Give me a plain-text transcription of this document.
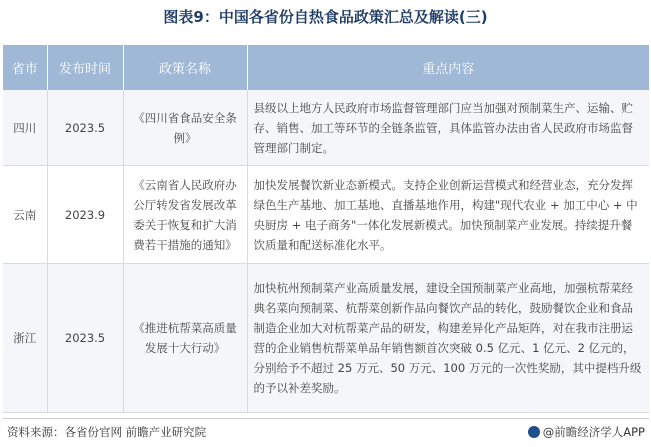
图表9：中国各省份自热食品政策汇总及解读(三)
省市	发布时间	政策名称	重点内容
四川	2023.5	《四川省食品安全条例》	县级以上地方人民政府市场监督管理部门应当加强对预制菜生产、运输、贮存、销售、加工等环节的全链条监管，具体监管办法由省人民政府市场监督管理部门制定。
云南	2023.9	《云南省人民政府办公厅转发省发展改革委关于恢复和扩大消费若干措施的通知》	加快发展餐饮新业态新模式。支持企业创新运营模式和经营业态，充分发挥绿色生产基地、加工基地、直播基地作用，构建"现代农业 + 加工中心 + 中央厨房 + 电子商务"一体化发展新模式。加快预制菜产业发展。持续提升餐饮质量和配送标准化水平。
浙江	2023.5	《推进杭帮菜高质量发展十大行动》	加快杭州预制菜产业高质量发展，建设全国预制菜产业高地，加强杭帮菜经典名菜向预制菜、杭帮菜创新作品向餐饮产品的转化，鼓励餐饮企业和食品制造企业加大对杭帮菜产品的研发，构建差异化产品矩阵，对在我市注册运营的企业销售杭帮菜单品年销售额首次突破 0.5 亿元、1 亿元、2 亿元的，分别给予不超过 25 万元、50 万元、100 万元的一次性奖励，其中提档升级的予以补差奖励。
资料来源：各省份官网 前瞻产业研究院	@前瞻经济学人APP
